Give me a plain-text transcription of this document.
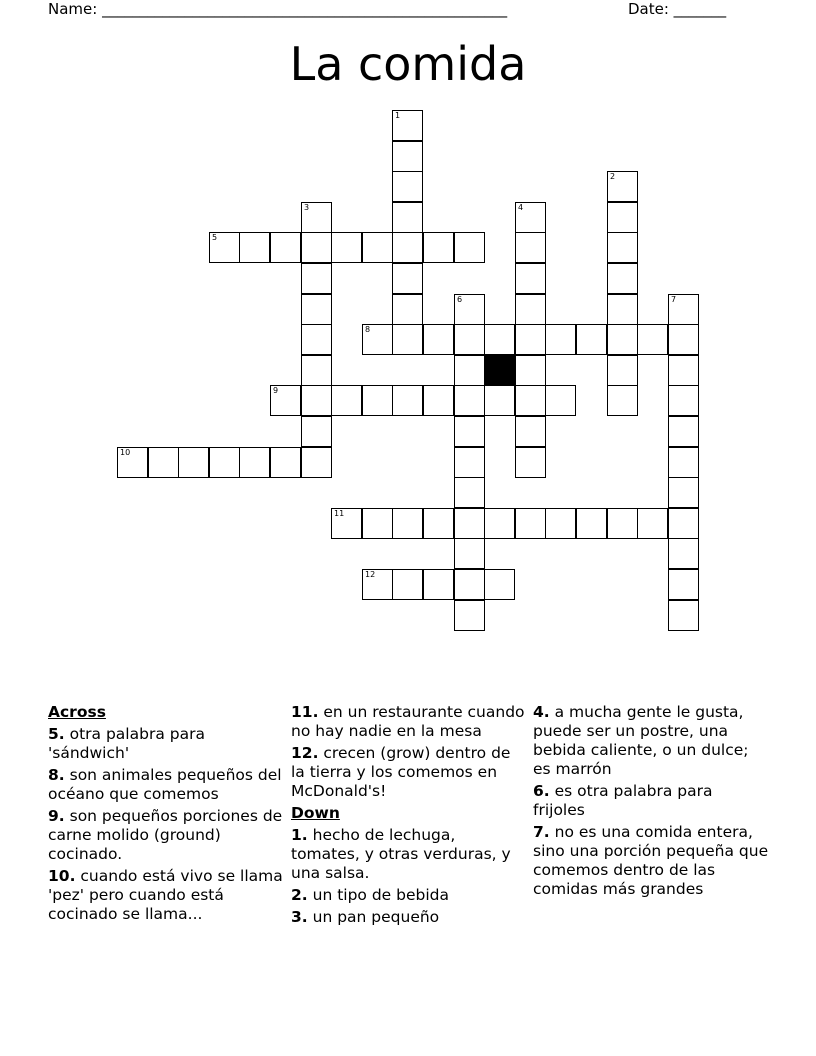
Name: ______________________________________________________	Date: _______
La comida
1
2
3	4
6	7
5
8
9
10
11
12
Across
5. otra palabra para 'sándwich'
8. son animales pequeños del océano que comemos
9. son pequeños porciones de carne molido (ground) cocinado.
10. cuando está vivo se llama 'pez' pero cuando está cocinado se llama...
11. en un restaurante cuando no hay nadie en la mesa
12. crecen (grow) dentro de la tierra y los comemos en McDonald's!
Down
1. hecho de lechuga, tomates, y otras verduras, y una salsa.
2. un tipo de bebida
3. un pan pequeño
4. a mucha gente le gusta, puede ser un postre, una bebida caliente, o un dulce; es marrón
6. es otra palabra para frijoles
7. no es una comida entera, sino una porción pequeña que comemos dentro de las comidas más grandes
